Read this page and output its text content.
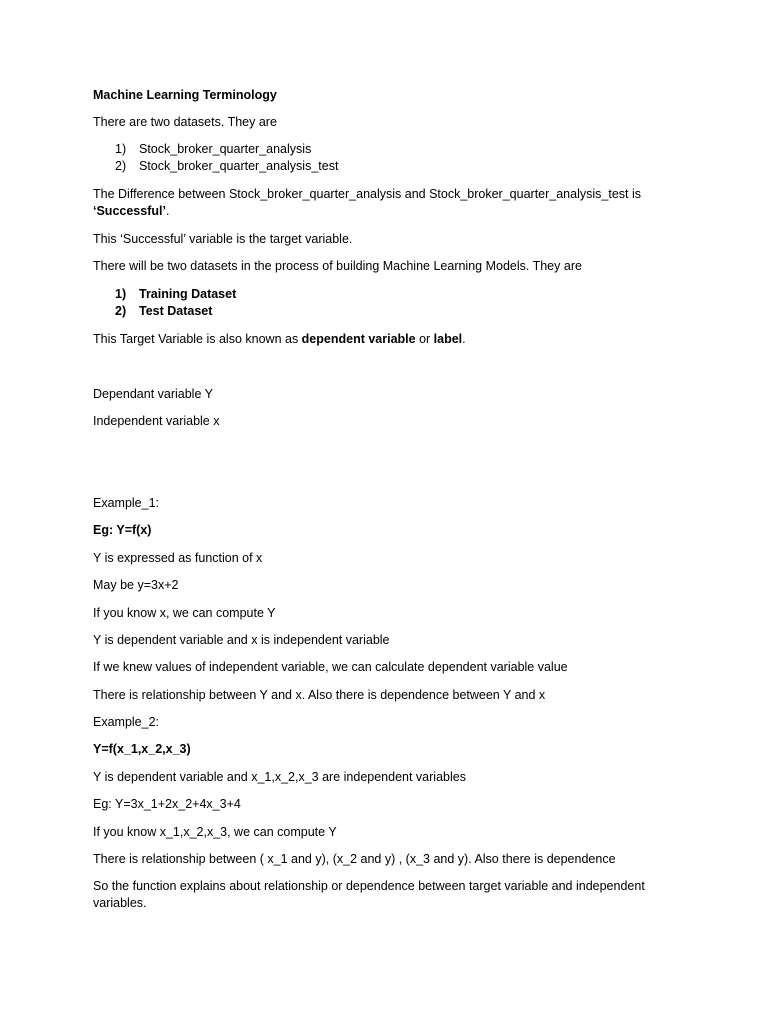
Machine Learning Terminology
There are two datasets. They are
1)	Stock_broker_quarter_analysis
2)	Stock_broker_quarter_analysis_test
The Difference between Stock_broker_quarter_analysis and Stock_broker_quarter_analysis_test is
‘Successful’.
This ‘Successful’ variable is the target variable.
There will be two datasets in the process of building Machine Learning Models. They are
1)	Training Dataset
2)	Test Dataset
This Target Variable is also known as dependent variable or label.
Dependant variable Y
Independent variable x
Example_1:
Eg: Y=f(x)
Y is expressed as function of x
May be y=3x+2
If you know x, we can compute Y
Y is dependent variable and x is independent variable
If we knew values of independent variable, we can calculate dependent variable value
There is relationship between Y and x. Also there is dependence between Y and x
Example_2:
Y=f(x_1,x_2,x_3)
Y is dependent variable and x_1,x_2,x_3 are independent variables
Eg: Y=3x_1+2x_2+4x_3+4
If you know x_1,x_2,x_3, we can compute Y
There is relationship between ( x_1 and y), (x_2 and y) , (x_3 and y). Also there is dependence
So the function explains about relationship or dependence between target variable and independent variables.
